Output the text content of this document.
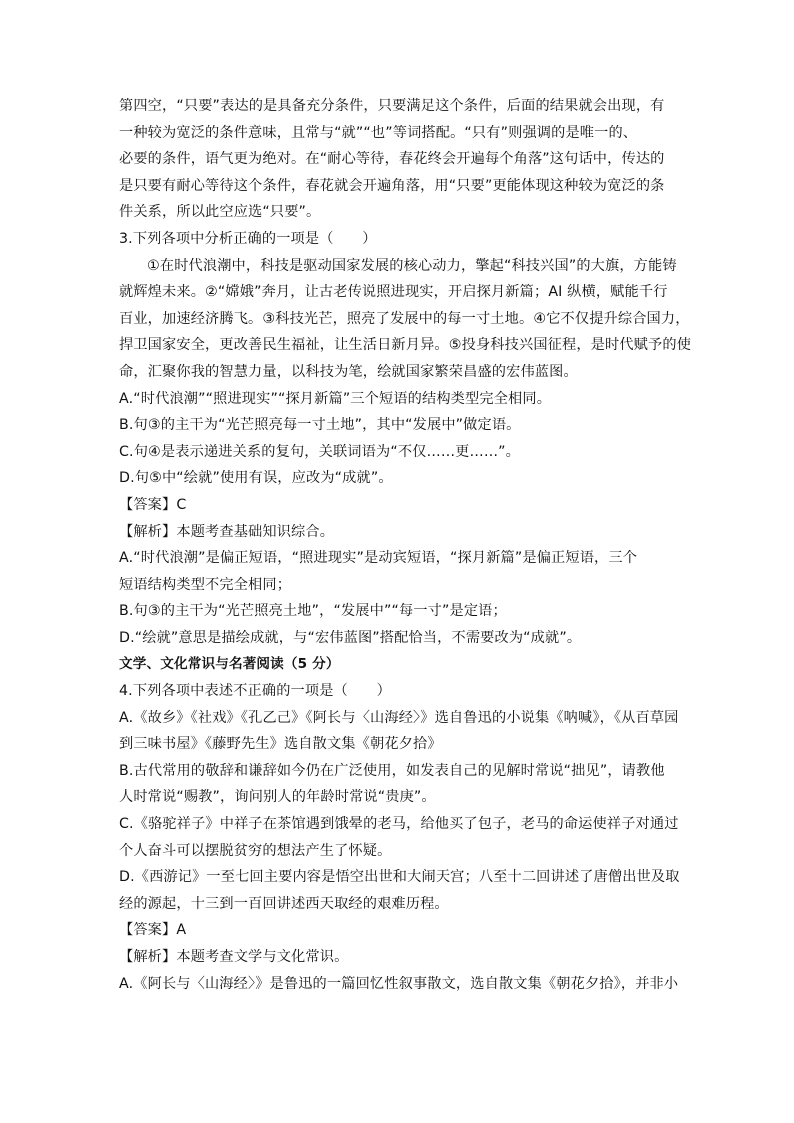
第四空，“只要”表达的是具备充分条件，只要满足这个条件，后面的结果就会出现，有
一种较为宽泛的条件意味，且常与“就”“也”等词搭配。“只有”则强调的是唯一的、
必要的条件，语气更为绝对。在“耐心等待，春花终会开遍每个角落”这句话中，传达的
是只要有耐心等待这个条件，春花就会开遍角落，用“只要”更能体现这种较为宽泛的条
件关系，所以此空应选“只要”。
3.下列各项中分析正确的一项是（　　）
①在时代浪潮中，科技是驱动国家发展的核心动力，擎起“科技兴国”的大旗，方能铸
就辉煌未来。②“嫦娥”奔月，让古老传说照进现实，开启探月新篇；AI 纵横，赋能千行
百业，加速经济腾飞。③科技光芒，照亮了发展中的每一寸土地。④它不仅提升综合国力，
捍卫国家安全，更改善民生福祉，让生活日新月异。⑤投身科技兴国征程，是时代赋予的使
命，汇聚你我的智慧力量，以科技为笔，绘就国家繁荣昌盛的宏伟蓝图。
A.“时代浪潮”“照进现实”“探月新篇”三个短语的结构类型完全相同。
B.句③的主干为“光芒照亮每一寸土地”，其中“发展中”做定语。
C.句④是表示递进关系的复句，关联词语为“不仅……更……”。
D.句⑤中“绘就”使用有误，应改为“成就”。
【答案】C
【解析】本题考查基础知识综合。
A.“时代浪潮”是偏正短语，“照进现实”是动宾短语，“探月新篇”是偏正短语，三个
短语结构类型不完全相同；
B.句③的主干为“光芒照亮土地”，“发展中”“每一寸”是定语；
D.“绘就”意思是描绘成就，与“宏伟蓝图”搭配恰当，不需要改为“成就”。
文学、文化常识与名著阅读（5 分）
4.下列各项中表述不正确的一项是（　　）
A.《故乡》《社戏》《孔乙己》《阿长与〈山海经〉》选自鲁迅的小说集《呐喊》，《从百草园
到三味书屋》《藤野先生》选自散文集《朝花夕拾》
B.古代常用的敬辞和谦辞如今仍在广泛使用，如发表自己的见解时常说“拙见”，请教他
人时常说“赐教”，询问别人的年龄时常说“贵庚”。
C.《骆驼祥子》中祥子在茶馆遇到饿晕的老马，给他买了包子，老马的命运使祥子对通过
个人奋斗可以摆脱贫穷的想法产生了怀疑。
D.《西游记》一至七回主要内容是悟空出世和大闹天宫；八至十二回讲述了唐僧出世及取
经的源起，十三到一百回讲述西天取经的艰难历程。
【答案】A
【解析】本题考查文学与文化常识。
A.《阿长与〈山海经〉》是鲁迅的一篇回忆性叙事散文，选自散文集《朝花夕拾》，并非小
